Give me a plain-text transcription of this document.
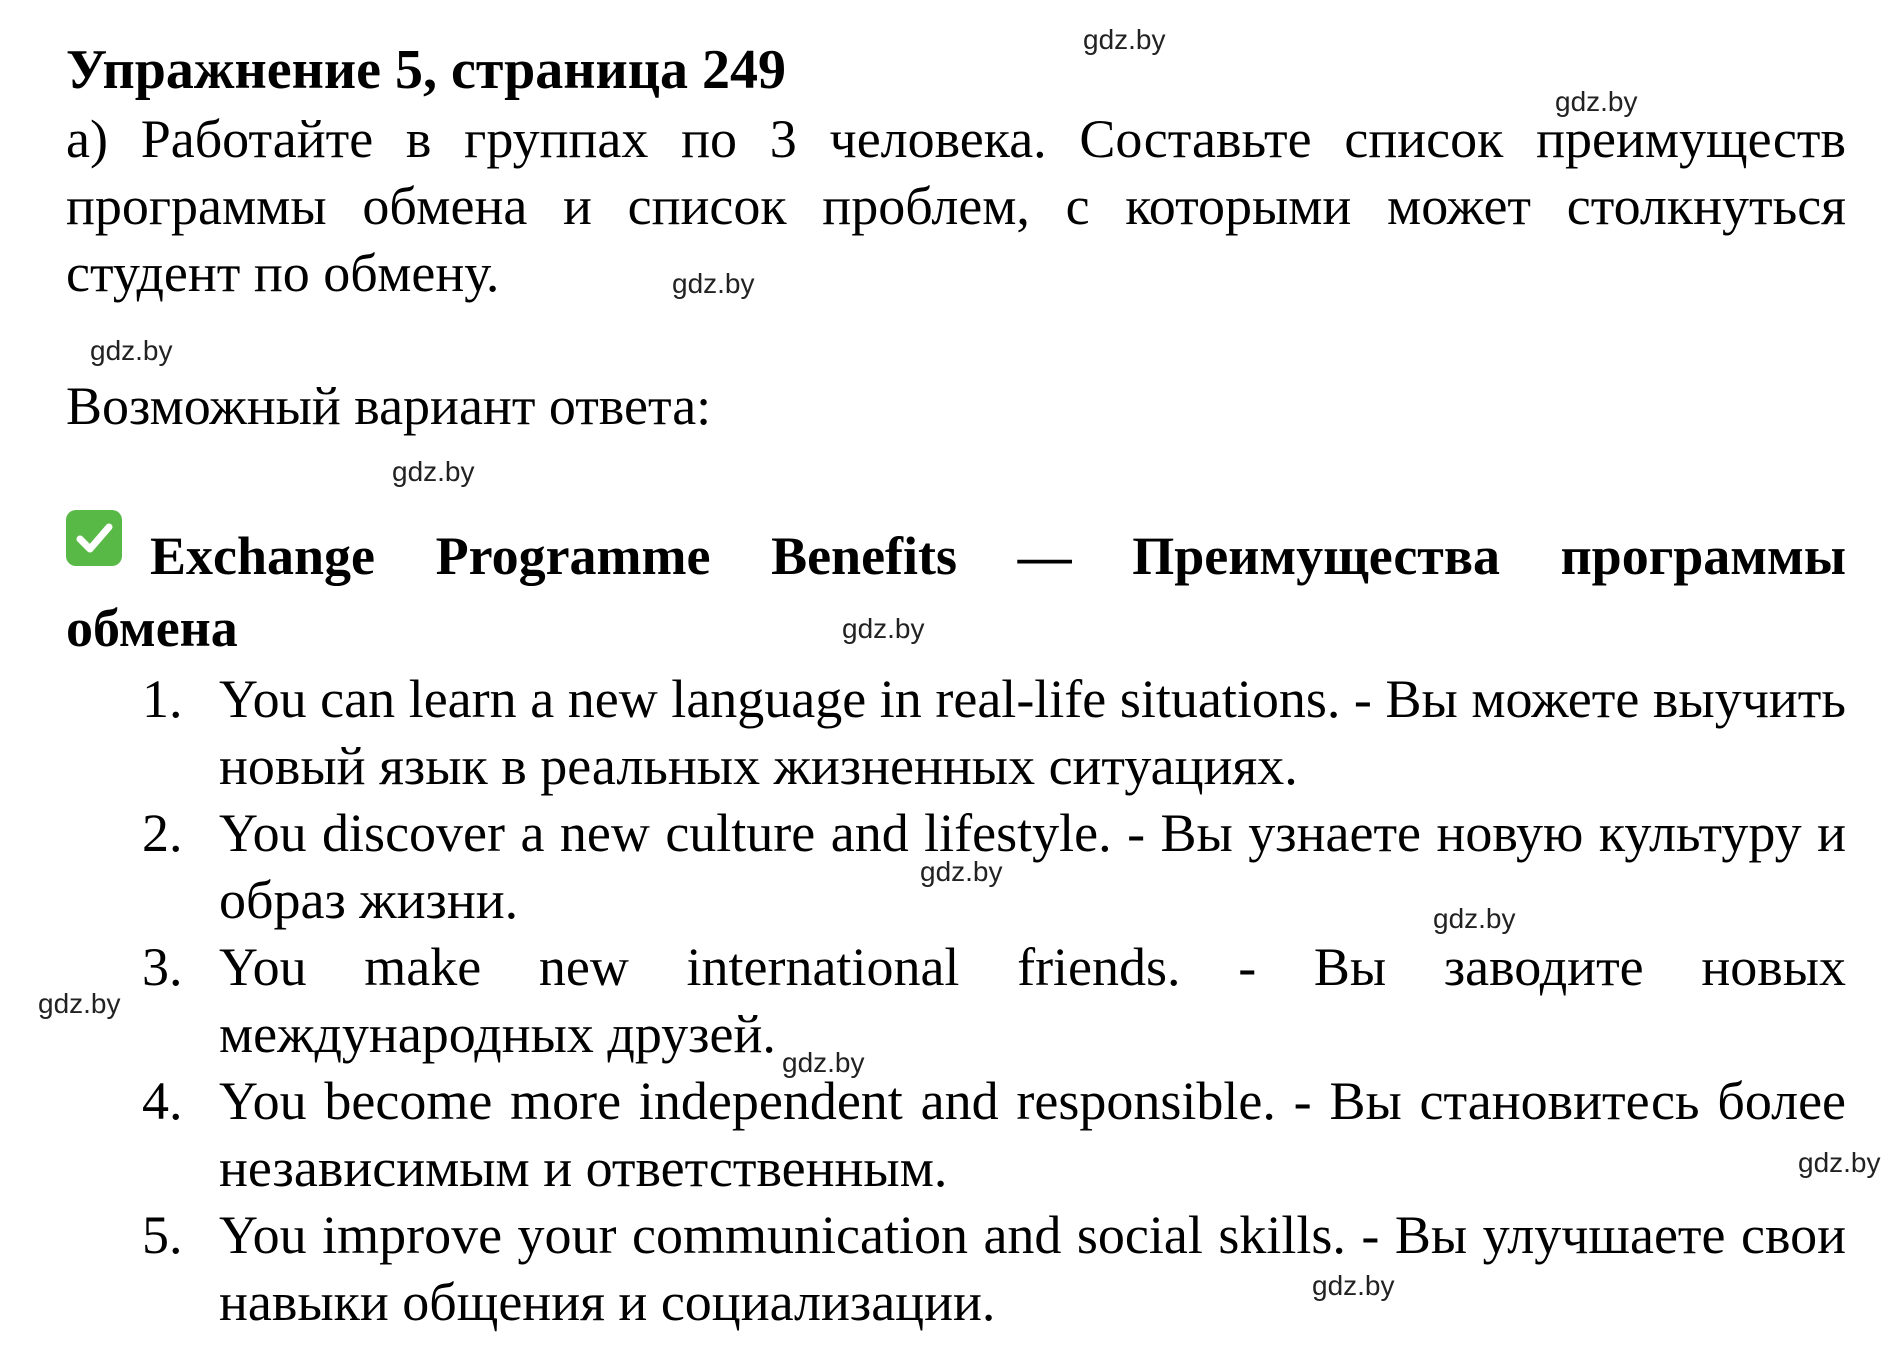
Упражнение 5, страница 249

а) Работайте в группах по 3 человека. Составьте список преимуществ программы обмена и список проблем, с которыми может столкнуться студент по обмену.

Возможный вариант ответа:

Exchange Programme Benefits — Преимущества программы обмена

1. You can learn a new language in real-life situations. - Вы можете выучить новый язык в реальных жизненных ситуациях.
2. You discover a new culture and lifestyle. - Вы узнаете новую культуру и образ жизни.
3. You make new international friends. - Вы заводите новых международных друзей.
4. You become more independent and responsible. - Вы становитесь более независимым и ответственным.
5. You improve your communication and social skills. - Вы улучшаете свои навыки общения и социализации.
gdz.by
gdz.by
gdz.by
gdz.by
gdz.by
gdz.by
gdz.by
gdz.by
gdz.by
gdz.by
gdz.by
gdz.by
